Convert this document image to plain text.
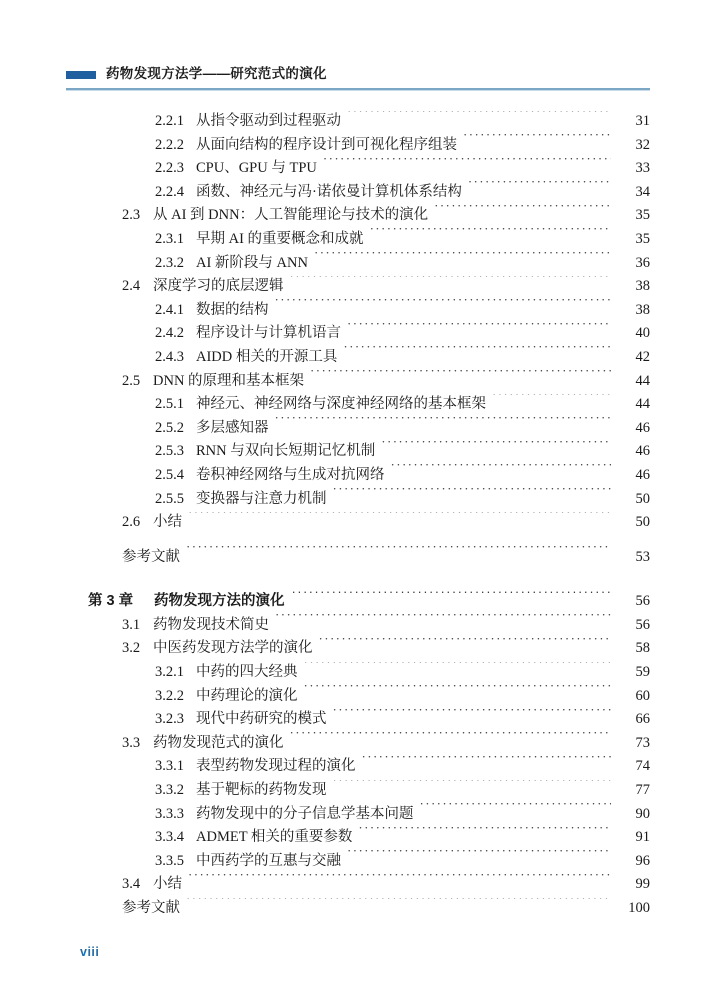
药物发现方法学——研究范式的演化
2.2.1 从指令驱动到过程驱动 ·····	31
2.2.2 从面向结构的程序设计到可视化程序组装 ·····	32
2.2.3 CPU、GPU 与 TPU ·····	33
2.2.4 函数、神经元与冯·诺依曼计算机体系结构 ·····	34
2.3 从 AI 到 DNN：人工智能理论与技术的演化 ·····	35
2.3.1 早期 AI 的重要概念和成就 ·····	35
2.3.2 AI 新阶段与 ANN ·····	36
2.4 深度学习的底层逻辑 ·····	38
2.4.1 数据的结构 ·····	38
2.4.2 程序设计与计算机语言 ·····	40
2.4.3 AIDD 相关的开源工具 ·····	42
2.5 DNN 的原理和基本框架 ·····	44
2.5.1 神经元、神经网络与深度神经网络的基本框架 ·····	44
2.5.2 多层感知器 ·····	46
2.5.3 RNN 与双向长短期记忆机制 ·····	46
2.5.4 卷积神经网络与生成对抗网络 ·····	46
2.5.5 变换器与注意力机制 ·····	50
2.6 小结 ·····	50
参考文献 ·····	53
第 3 章	药物发现方法的演化 ·····	56
3.1 药物发现技术简史 ·····	56
3.2 中医药发现方法学的演化 ·····	58
3.2.1 中药的四大经典 ·····	59
3.2.2 中药理论的演化 ·····	60
3.2.3 现代中药研究的模式 ·····	66
3.3 药物发现范式的演化 ·····	73
3.3.1 表型药物发现过程的演化 ·····	74
3.3.2 基于靶标的药物发现 ·····	77
3.3.3 药物发现中的分子信息学基本问题 ·····	90
3.3.4 ADMET 相关的重要参数 ·····	91
3.3.5 中西药学的互惠与交融 ·····	96
3.4 小结 ·····	99
参考文献 ·····	100
viii
